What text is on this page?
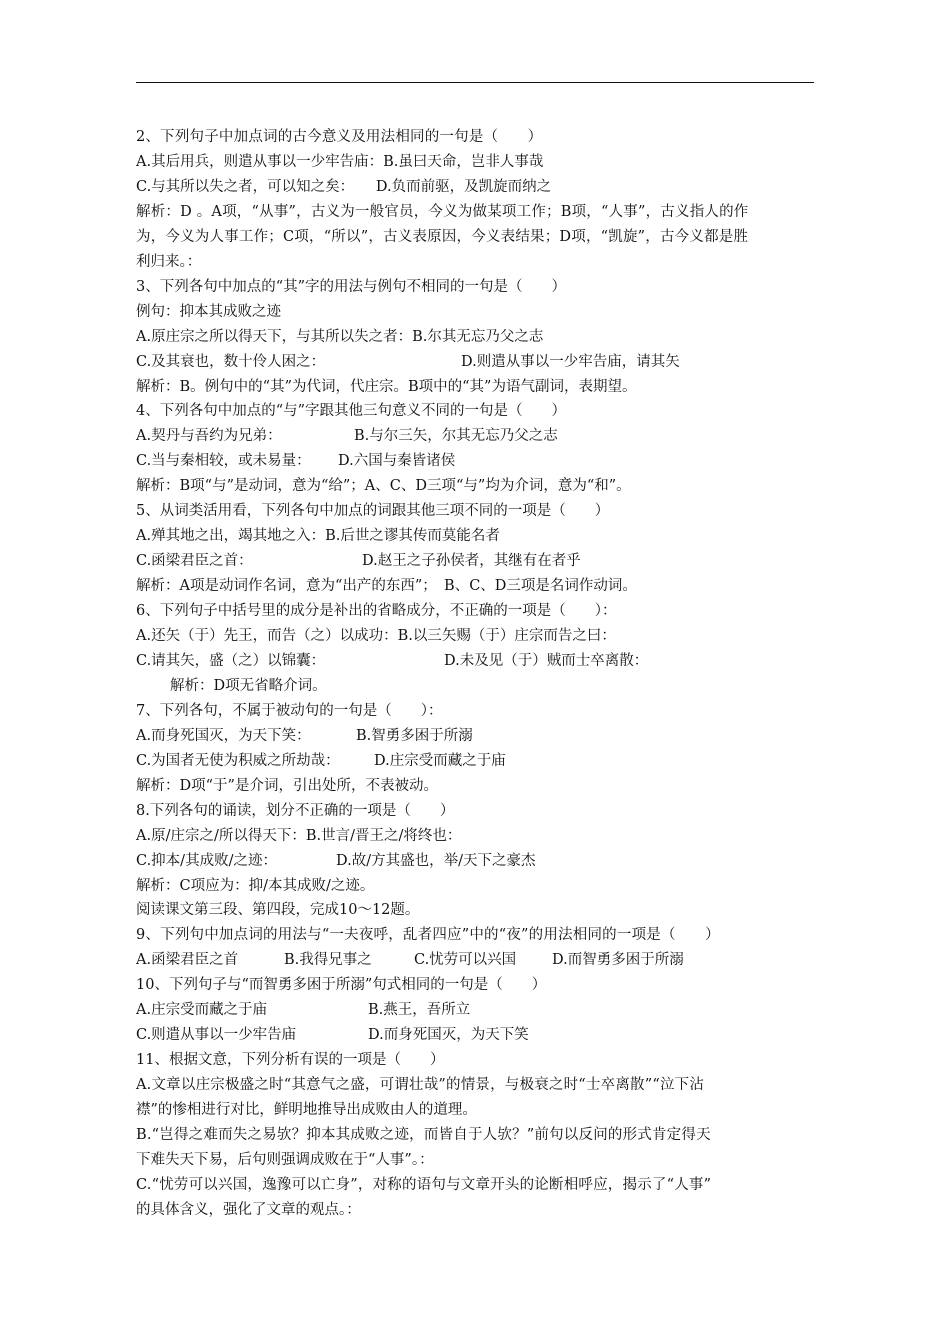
2、下列句子中加点词的古今意义及用法相同的一句是（　　）
A.其后用兵，则遣从事以一少牢告庙：B.虽曰天命，岂非人事哉
C.与其所以失之者，可以知之矣：　　D.负而前驱，及凯旋而纳之
解析：D 。A项，“从事”，古义为一般官员，今义为做某项工作；B项，“人事”，古义指人的作
为，今义为人事工作；C项，“所以”，古义表原因，今义表结果；D项，“凯旋”，古今义都是胜
利归来。：
3、下列各句中加点的“其”字的用法与例句不相同的一句是（　　）
例句：抑本其成败之迹
A.原庄宗之所以得天下，与其所以失之者：B.尔其无忘乃父之志
C.及其衰也，数十伶人困之：	D.则遣从事以一少牢告庙，请其矢
解析：B。例句中的“其”为代词，代庄宗。B项中的“其”为语气副词，表期望。
4、下列各句中加点的“与”字跟其他三句意义不同的一句是（　　）
A.契丹与吾约为兄弟：	B.与尔三矢，尔其无忘乃父之志
C.当与秦相较，或未易量： D.六国与秦皆诸侯
解析：B项“与”是动词，意为“给”；A、C、D三项“与”均为介词，意为“和”。
5、从词类活用看，下列各句中加点的词跟其他三项不同的一项是（　　）
A.殚其地之出，竭其地之入：B.后世之谬其传而莫能名者
C.函梁君臣之首：	D.赵王之子孙侯者，其继有在者乎
解析：A项是动词作名词，意为“出产的东西”；　B、C、D三项是名词作动词。
6、下列句子中括号里的成分是补出的省略成分，不正确的一项是（　　）：
A.还矢（于）先王，而告（之）以成功：B.以三矢赐（于）庄宗而告之曰：
C.请其矢，盛（之）以锦囊：	D.未及见（于）贼而士卒离散：
解析：D项无省略介词。
7、下列各句，不属于被动句的一句是（　　）：
A.而身死国灭，为天下笑：	B.智勇多困于所溺
C.为国者无使为积威之所劫哉： D.庄宗受而藏之于庙
解析：D项“于”是介词，引出处所，不表被动。
8.下列各句的诵读，划分不正确的一项是（　　）
A.原/庄宗之/所以得天下：B.世言/晋王之/将终也：
C.抑本/其成败/之迹：	D.故/方其盛也，举/天下之豪杰
解析：C项应为：抑/本其成败/之迹。
阅读课文第三段、第四段，完成10～12题。
9、下列句中加点词的用法与“一夫夜呼，乱者四应”中的“夜”的用法相同的一项是（　　）
A.函梁君臣之首	B.我得兄事之	C.忧劳可以兴国 D.而智勇多困于所溺
10、下列句子与“而智勇多困于所溺”句式相同的一句是（　　）
A.庄宗受而藏之于庙	B.燕王，吾所立
C.则遣从事以一少牢告庙	D.而身死国灭，为天下笑
11、根据文意，下列分析有误的一项是（　　）
A.文章以庄宗极盛之时“其意气之盛，可谓壮哉”的情景，与极衰之时“士卒离散”“泣下沾
襟”的惨相进行对比，鲜明地推导出成败由人的道理。
B.“岂得之难而失之易欤？抑本其成败之迹，而皆自于人欤？”前句以反问的形式肯定得天
下难失天下易，后句则强调成败在于“人事”。：
C.“忧劳可以兴国，逸豫可以亡身”，对称的语句与文章开头的论断相呼应，揭示了“人事”
的具体含义，强化了文章的观点。：
